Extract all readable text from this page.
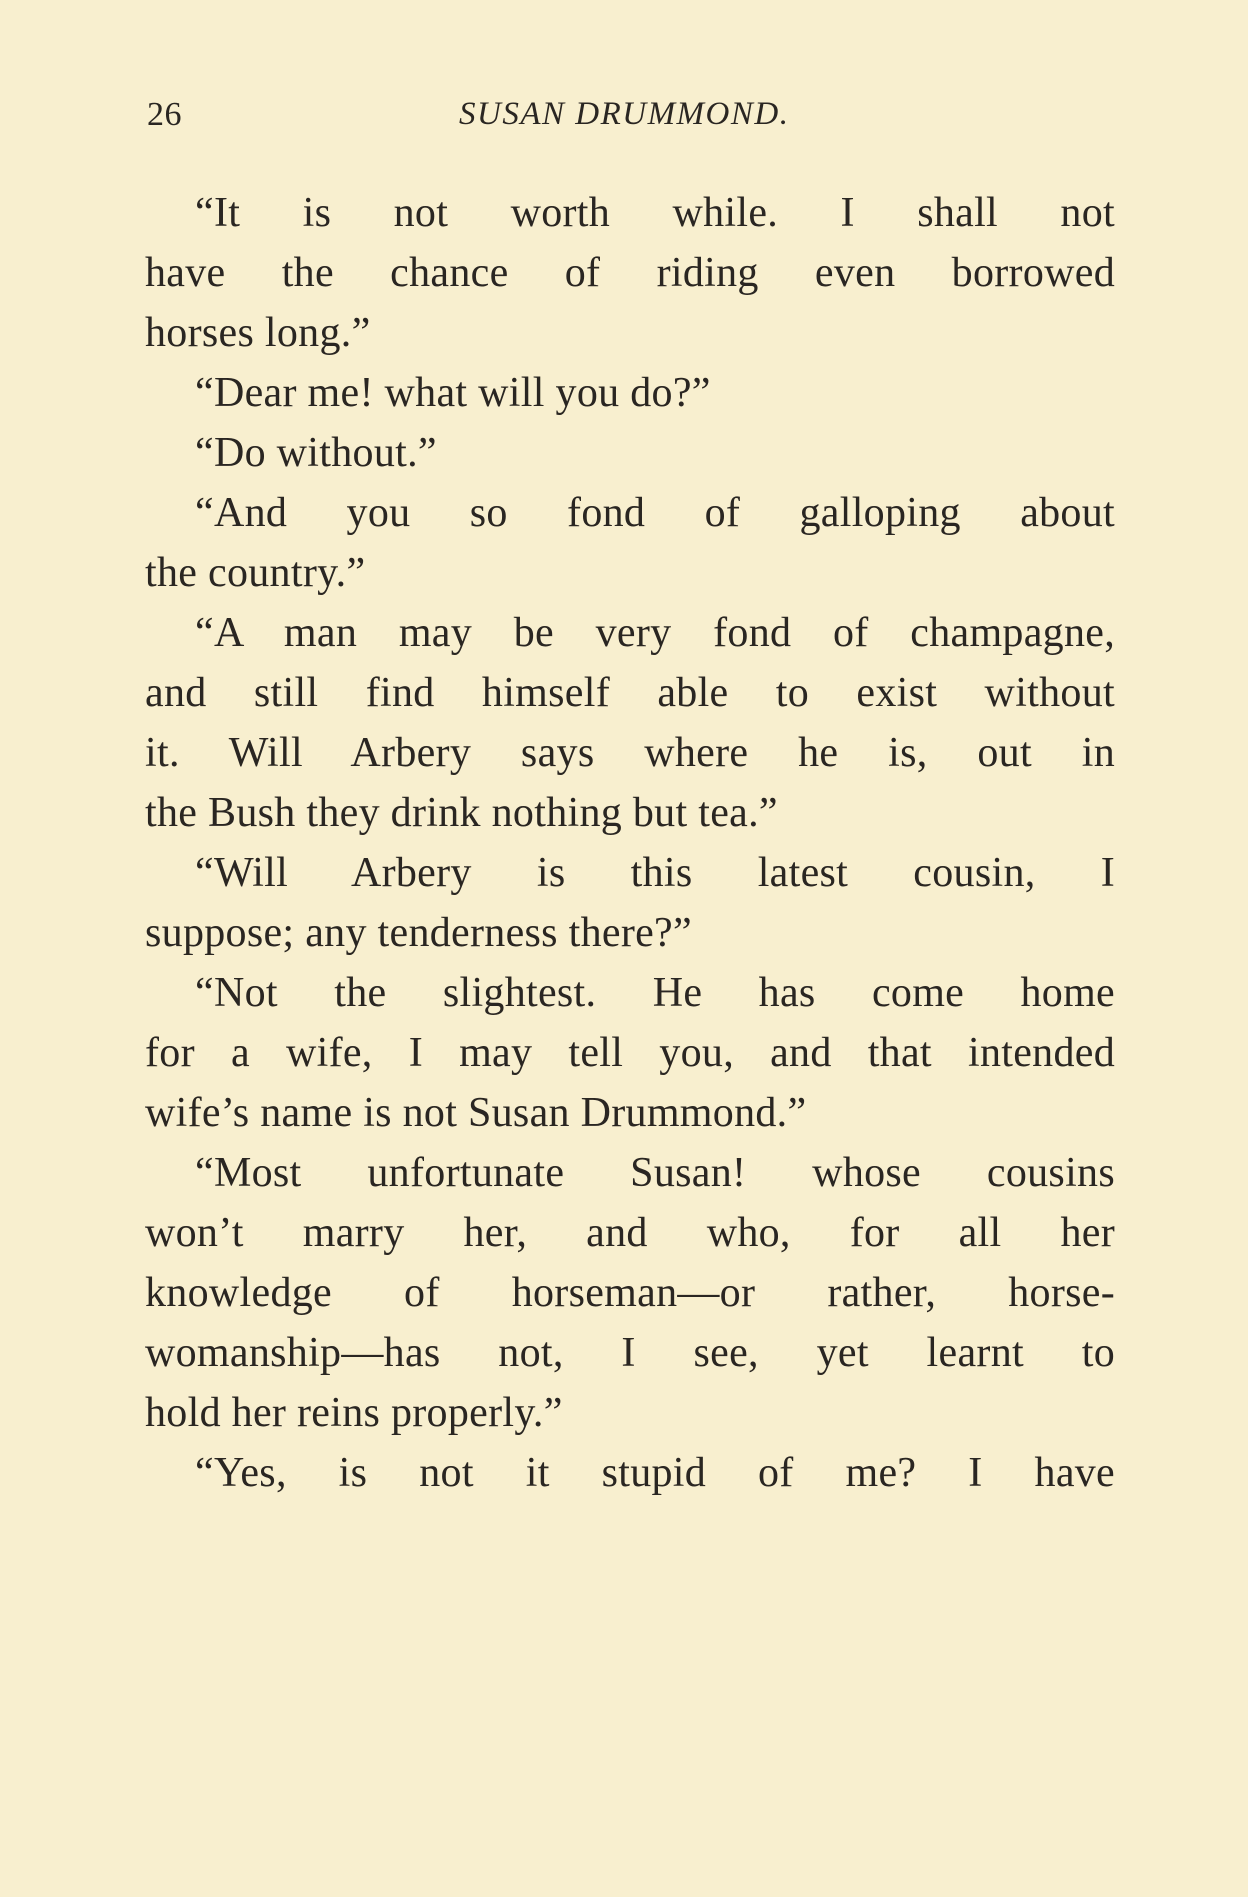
26	SUSAN DRUMMOND.
“It is not worth while. I shall not
have the chance of riding even borrowed
horses long.”
“Dear me! what will you do?”
“Do without.”
“And you so fond of galloping about
the country.”
“A man may be very fond of champagne,
and still find himself able to exist without
it. Will Arbery says where he is, out in
the Bush they drink nothing but tea.”
“Will Arbery is this latest cousin, I
suppose; any tenderness there?”
“Not the slightest. He has come home
for a wife, I may tell you, and that intended
wife’s name is not Susan Drummond.”
“Most unfortunate Susan! whose cousins
won’t marry her, and who, for all her
knowledge of horseman—or rather, horse-
womanship—has not, I see, yet learnt to
hold her reins properly.”
“Yes, is not it stupid of me? I have
